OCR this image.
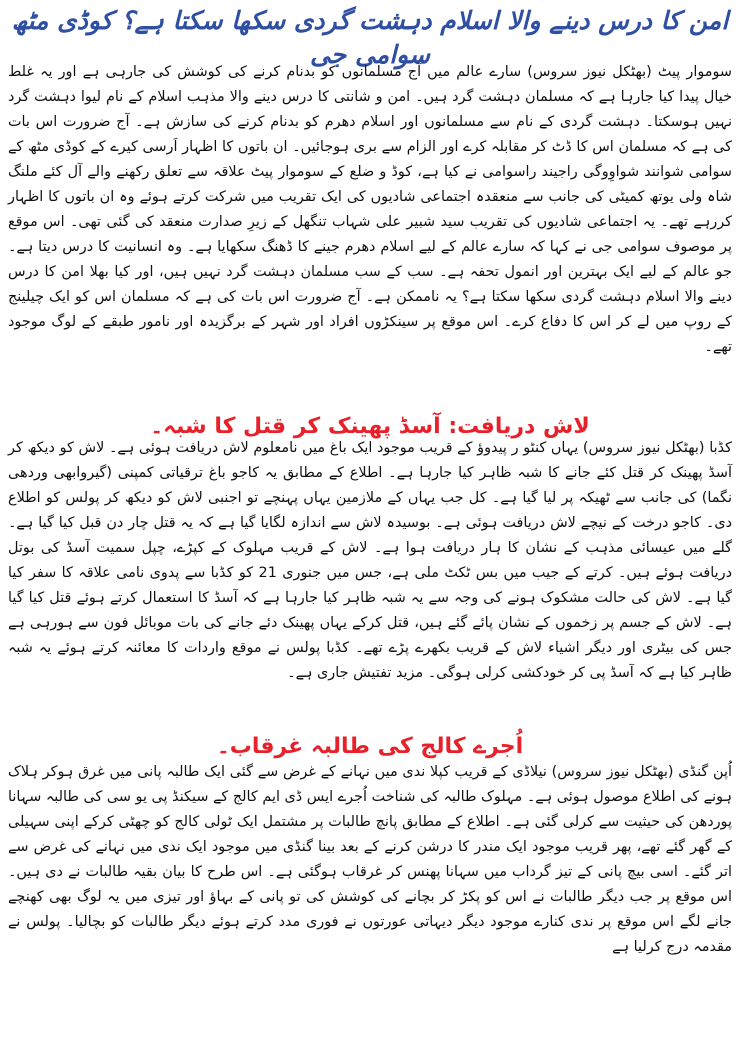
امن کا درس دینے والا اسلام دہشت گردی سکھا سکتا ہے؟ کوڈی مٹھ سوامی جی

سوموار پیٹ (بھٹکل نیوز سروس) سارے عالم میں آج مسلمانوں کو بدنام کرنے کی کوشش کی جارہی ہے اور یہ غلط خیال پیدا کیا جارہا ہے کہ مسلمان دہشت گرد ہیں۔ امن و شانتی کا درس دینے والا مذہب اسلام کے نام لیوا دہشت گرد نہیں ہوسکتا۔ دہشت گردی کے نام سے مسلمانوں اور اسلام دھرم کو بدنام کرنے کی سازش ہے۔ آج ضرورت اس بات کی ہے کہ مسلمان اس کا ڈٹ کر مقابلہ کرے اور الزام سے بری ہوجائیں۔ ان باتوں کا اظہار اَرسی کیرے کے کوڈی مٹھ کے سوامی شوانند شواوِوگی راجیند راسوامی نے کیا ہے، کوڈ و ضلع کے سوموار پیٹ علاقہ سے تعلق رکھنے والے آل کئے ملنگ شاہ ولی یوتھ کمیٹی کی جانب سے منعقدہ اجتماعی شادیوں کی ایک تقریب میں شرکت کرتے ہوئے وہ ان باتوں کا اظہار کررہے تھے۔ یہ اجتماعی شادیوں کی تقریب سید شبیر علی شہاب تنگھل کے زیرِ صدارت منعقد کی گئی تھی۔ اس موقع پر موصوف سوامی جی نے کہا کہ سارے عالم کے لیے اسلام دھرم جینے کا ڈھنگ سکھایا ہے۔ وہ انسانیت کا درس دیتا ہے۔ جو عالم کے لیے ایک بہترین اور انمول تحفہ ہے۔ سب کے سب مسلمان دہشت گرد نہیں ہیں، اور کیا بھلا امن کا درس دینے والا اسلام دہشت گردی سکھا سکتا ہے؟ یہ ناممکن ہے۔ آج ضرورت اس بات کی ہے کہ مسلمان اس کو ایک چیلینج کے روپ میں لے کر اس کا دفاع کرے۔ اس موقع پر سینکڑوں افراد اور شہر کے برگزیدہ اور نامور طبقے کے لوگ موجود تھے۔

لاش دریافت: آسڈ پھینک کر قتل کا شبہ۔

کڈبا (بھٹکل نیوز سروس) یہاں کنٹو ر پیدوؤ کے قریب موجود ایک باغ میں نامعلوم لاش دریافت ہوئی ہے۔ لاش کو دیکھ کر آسڈ پھینک کر قتل کئے جانے کا شبہ ظاہر کیا جارہا ہے۔ اطلاع کے مطابق یہ کاجو باغ ترقیاتی کمپنی (گیروابھی وردھی نگما) کی جانب سے ٹھیکہ پر لیا گیا ہے۔ کل جب یہاں کے ملازمین یہاں پہنچے تو اجنبی لاش کو دیکھ کر پولس کو اطلاع دی۔ کاجو درخت کے نیچے لاش دریافت ہوئی ہے۔ بوسیدہ لاش سے اندازہ لگایا گیا ہے کہ یہ قتل چار دن قبل کیا گیا ہے۔ گلے میں عیسائی مذہب کے نشان کا ہار دریافت ہوا ہے۔ لاش کے قریب مہلوک کے کپڑے، چپل سمیت آسڈ کی بوتل دریافت ہوئے ہیں۔ کرتے کے جیب میں بس ٹکٹ ملی ہے، جس میں جنوری 21 کو کڈبا سے پدوی نامی علاقہ کا سفر کیا گیا ہے۔ لاش کی حالت مشکوک ہونے کی وجہ سے یہ شبہ ظاہر کیا جارہا ہے کہ آسڈ کا استعمال کرتے ہوئے قتل کیا گیا ہے۔ لاش کے جسم پر زخموں کے نشان پائے گئے ہیں، قتل کرکے یہاں پھینک دئے جانے کی بات موبائل فون سے ہورہی ہے جس کی بیٹری اور دیگر اشیاء لاش کے قریب بکھرے پڑے تھے۔ کڈبا پولس نے موقع واردات کا معائنہ کرتے ہوئے یہ شبہ ظاہر کیا ہے کہ آسڈ پی کر خودکشی کرلی ہوگی۔ مزید تفتیش جاری ہے۔

اُجرے کالج کی طالبہ غرقاب۔

اُپن گنڈی (بھٹکل نیوز سروس) نیلاڈی کے قریب کپلا ندی میں نہانے کے غرض سے گئی ایک طالبہ پانی میں غرق ہوکر ہلاک ہونے کی اطلاع موصول ہوئی ہے۔ مہلوک طالبہ کی شناخت اُجرے ایس ڈی ایم کالج کے سیکنڈ پی یو سی کی طالبہ سہانا پوردھن کی حیثیت سے کرلی گئی ہے۔ اطلاع کے مطابق پانچ طالبات پر مشتمل ایک ٹولی کالج کو چھٹی کرکے اپنی سہیلی کے گھر گئے تھے، پھر قریب موجود ایک مندر کا درشن کرنے کے بعد بینا گنڈی میں موجود ایک ندی میں نہانے کی غرض سے اتر گئے۔ اسی بیچ پانی کے تیز گرداب میں سہانا پھنس کر غرقاب ہوگئی ہے۔ اس طرح کا بیان بقیہ طالبات نے دی ہیں۔ اس موقع پر جب دیگر طالبات نے اس کو پکڑ کر بچانے کی کوشش کی تو پانی کے بہاؤ اور تیزی میں یہ لوگ بھی کھنچے جانے لگے اس موقع پر ندی کنارے موجود دیگر دیہاتی عورتوں نے فوری مدد کرتے ہوئے دیگر طالبات کو بچالیا۔ پولس نے مقدمہ درج کرلیا ہے
